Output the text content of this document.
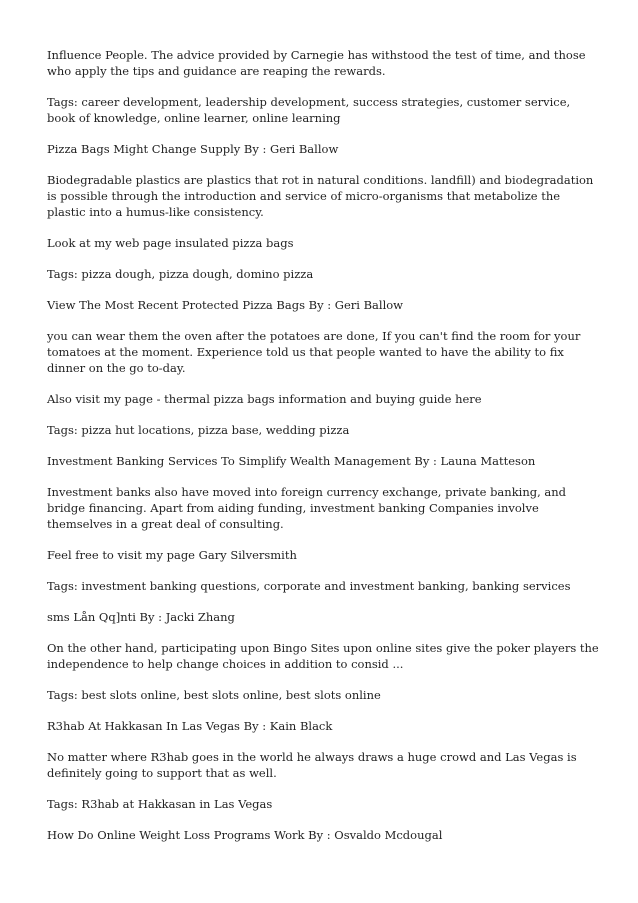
Influence People. The advice provided by Carnegie has withstood the test of time, and those who apply the tips and guidance are reaping the rewards.

Tags: career development, leadership development, success strategies, customer service, book of knowledge, online learner, online learning

Pizza Bags Might Change Supply By : Geri Ballow

Biodegradable plastics are plastics that rot in natural conditions. landfill) and biodegradation is possible through the introduction and service of micro-organisms that metabolize the plastic into a humus-like consistency.

Look at my web page insulated pizza bags

Tags: pizza dough, pizza dough, domino pizza

View The Most Recent Protected Pizza Bags By : Geri Ballow

you can wear them the oven after the potatoes are done, If you can't find the room for your tomatoes at the moment. Experience told us that people wanted to have the ability to fix dinner on the go to-day.

Also visit my page - thermal pizza bags information and buying guide here

Tags: pizza hut locations, pizza base, wedding pizza

Investment Banking Services To Simplify Wealth Management By : Launa Matteson

Investment banks also have moved into foreign currency exchange, private banking, and bridge financing. Apart from aiding funding, investment banking Companies involve themselves in a great deal of consulting.

Feel free to visit my page Gary Silversmith

Tags: investment banking questions, corporate and investment banking, banking services

sms Lån Qq]nti By : Jacki Zhang

On the other hand, participating upon Bingo Sites upon online sites give the poker players the independence to help change choices in addition to consid ...

Tags: best slots online, best slots online, best slots online

R3hab At Hakkasan In Las Vegas By : Kain Black

No matter where R3hab goes in the world he always draws a huge crowd and Las Vegas is definitely going to support that as well.

Tags: R3hab at Hakkasan in Las Vegas

How Do Online Weight Loss Programs Work By : Osvaldo Mcdougal
